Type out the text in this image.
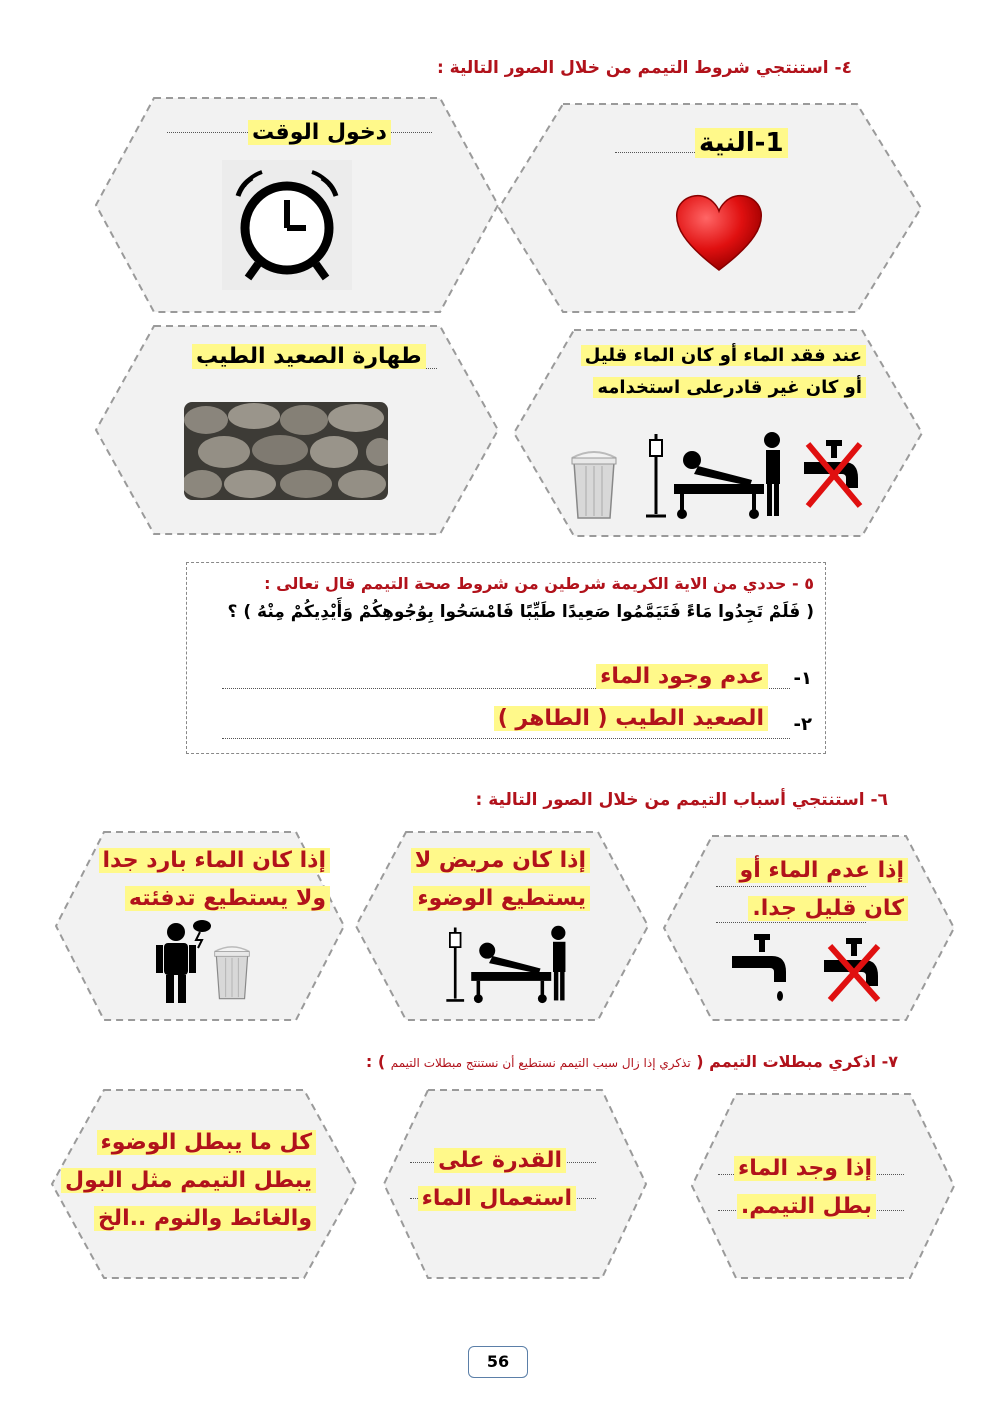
٤- استنتجي شروط التيمم من خلال الصور التالية :
1-النية
دخول الوقت
طهارة الصعيد الطيب	عند فقد الماء أو كان الماء قليل
أو كان غير قادرعلى استخدامه
٥ - حددي من الاية الكريمة شرطين من شروط صحة التيمم قال تعالى :
( فَلَمْ تَجِدُوا مَاءً فَتَيَمَّمُوا صَعِيدًا طَيِّبًا فَامْسَحُوا بِوُجُوهِكُمْ وَأَيْدِيكُمْ مِنْهُ ) ؟
١-
عدم وجود الماء
٢-
الصعيد الطيب ( الطاهر )
٦- استنتجي أسباب التيمم من خلال الصور التالية :
إذا عدم الماء أو
كان قليل جدا.
إذا كان مريض لا
يستطيع الوضوء
إذا كان الماء بارد جدا
ولا يستطيع تدفئته
٧- اذكري مبطلات التيمم ( تذكري إذا زال سبب التيمم نستطيع أن نستنتج مبطلات التيمم ) :
إذا وجد الماء
بطل التيمم.
القدرة على
استعمال الماء
كل ما يبطل الوضوء
يبطل التيمم مثل البول
والغائط والنوم ..الخ
56
